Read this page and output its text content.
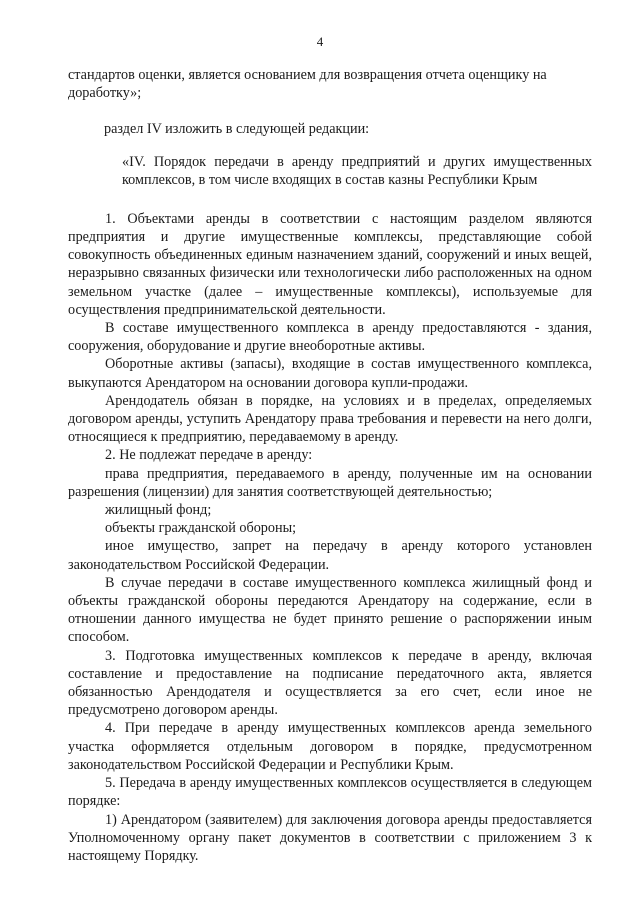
4

стандартов оценки, является основанием для возвращения отчета оценщику на доработку»;

раздел IV изложить в следующей редакции:

«IV. Порядок передачи в аренду предприятий и других имущественных комплексов, в том числе входящих в состав казны Республики Крым

1. Объектами аренды в соответствии с настоящим разделом являются предприятия и другие имущественные комплексы, представляющие собой совокупность объединенных единым назначением зданий, сооружений и иных вещей, неразрывно связанных физически или технологически либо расположенных на одном земельном участке (далее – имущественные комплексы), используемые для осуществления предпринимательской деятельности.

В составе имущественного комплекса в аренду предоставляются - здания, сооружения, оборудование и другие внеоборотные активы.

Оборотные активы (запасы), входящие в состав имущественного комплекса, выкупаются Арендатором на основании договора купли-продажи.

Арендодатель обязан в порядке, на условиях и в пределах, определяемых договором аренды, уступить Арендатору права требования и перевести на него долги, относящиеся к предприятию, передаваемому в аренду.

2. Не подлежат передаче в аренду:

права предприятия, передаваемого в аренду, полученные им на основании разрешения (лицензии) для занятия соответствующей деятельностью;

жилищный фонд;

объекты гражданской обороны;

иное имущество, запрет на передачу в аренду которого установлен законодательством Российской Федерации.

В случае передачи в составе имущественного комплекса жилищный фонд и объекты гражданской обороны передаются Арендатору на содержание, если в отношении данного имущества не будет принято решение о распоряжении иным способом.

3. Подготовка имущественных комплексов к передаче в аренду, включая составление и предоставление на подписание передаточного акта, является обязанностью Арендодателя и осуществляется за его счет, если иное не предусмотрено договором аренды.

4. При передаче в аренду имущественных комплексов аренда земельного участка оформляется отдельным договором в порядке, предусмотренном законодательством Российской Федерации и Республики Крым.

5. Передача в аренду имущественных комплексов осуществляется в следующем порядке:

1) Арендатором (заявителем) для заключения договора аренды предоставляется Уполномоченному органу пакет документов в соответствии с приложением 3 к настоящему Порядку.
